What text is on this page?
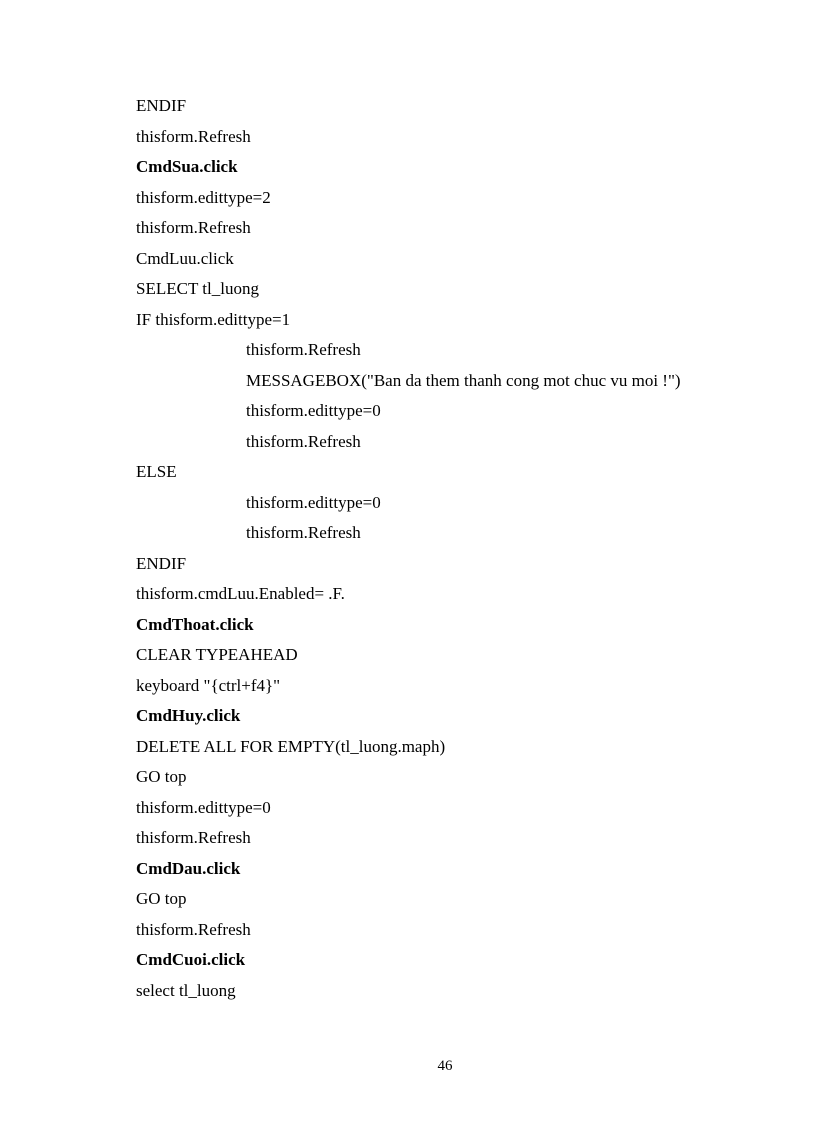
ENDIF
thisform.Refresh
CmdSua.click
thisform.edittype=2
thisform.Refresh
CmdLuu.click
SELECT tl_luong
IF thisform.edittype=1
thisform.Refresh
MESSAGEBOX("Ban da them thanh cong mot chuc vu moi !")
thisform.edittype=0
thisform.Refresh
ELSE
thisform.edittype=0
thisform.Refresh
ENDIF
thisform.cmdLuu.Enabled= .F.
CmdThoat.click
CLEAR TYPEAHEAD
keyboard "{ctrl+f4}"
CmdHuy.click
DELETE ALL FOR EMPTY(tl_luong.maph)
GO top
thisform.edittype=0
thisform.Refresh
CmdDau.click
GO top
thisform.Refresh
CmdCuoi.click
select tl_luong
46
